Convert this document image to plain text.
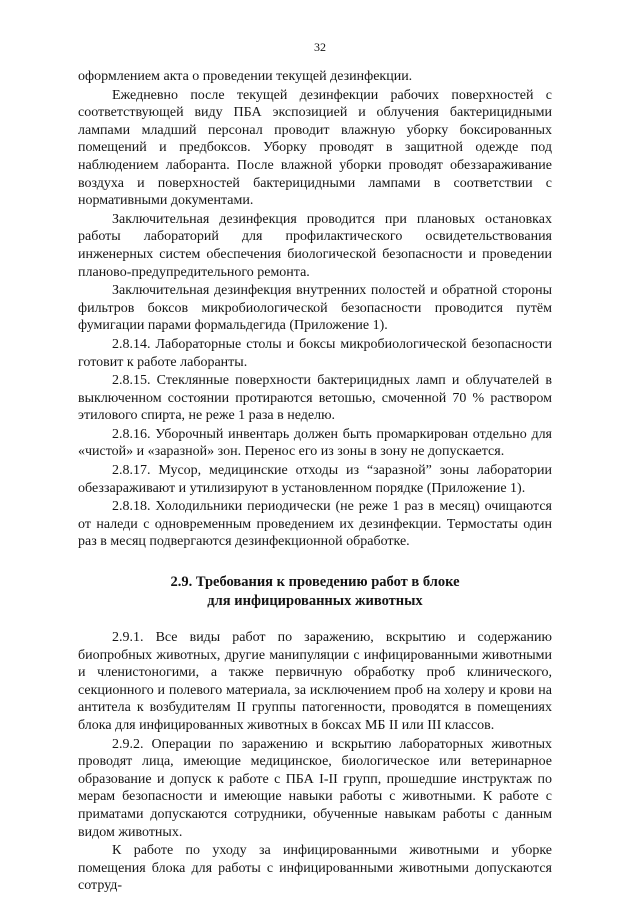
32

оформлением акта о проведении текущей дезинфекции.

Ежедневно после текущей дезинфекции рабочих поверхностей с соответствующей виду ПБА экспозицией и облучения бактерицидными лампами младший персонал проводит влажную уборку боксированных помещений и предбоксов. Уборку проводят в защитной одежде под наблюдением лаборанта. После влажной уборки проводят обеззараживание воздуха и поверхностей бактерицидными лампами в соответствии с нормативными документами.

Заключительная дезинфекция проводится при плановых остановках работы лабораторий для профилактического освидетельствования инженерных систем обеспечения биологической безопасности и проведении планово-предупредительного ремонта.

Заключительная дезинфекция внутренних полостей и обратной стороны фильтров боксов микробиологической безопасности проводится путём фумигации парами формальдегида (Приложение 1).

2.8.14. Лабораторные столы и боксы микробиологической безопасности готовит к работе лаборанты.

2.8.15. Стеклянные поверхности бактерицидных ламп и облучателей в выключенном состоянии протираются ветошью, смоченной 70 % раствором этилового спирта, не реже 1 раза в неделю.

2.8.16. Уборочный инвентарь должен быть промаркирован отдельно для «чистой» и «заразной» зон. Перенос его из зоны в зону не допускается.

2.8.17. Мусор, медицинские отходы из “заразной” зоны лаборатории обеззараживают и утилизируют в установленном порядке (Приложение 1).

2.8.18. Холодильники периодически (не реже 1 раз в месяц) очищаются от наледи с одновременным проведением их дезинфекции. Термостаты один раз в месяц подвергаются дезинфекционной обработке.

2.9. Требования к проведению работ в блоке
для инфицированных животных

2.9.1. Все виды работ по заражению, вскрытию и содержанию биопробных животных, другие манипуляции с инфицированными животными и членистоногими, а также первичную обработку проб клинического, секционного и полевого материала, за исключением проб на холеру и крови на антитела к возбудителям II группы патогенности, проводятся в помещениях блока для инфицированных животных в боксах МБ II или III классов.

2.9.2. Операции по заражению и вскрытию лабораторных животных проводят лица, имеющие медицинское, биологическое или ветеринарное образование и допуск к работе с ПБА I-II групп, прошедшие инструктаж по мерам безопасности и имеющие навыки работы с животными. К работе с приматами допускаются сотрудники, обученные навыкам работы с данным видом животных.

К работе по уходу за инфицированными животными и уборке помещения блока для работы с инфицированными животными допускаются сотруд-
